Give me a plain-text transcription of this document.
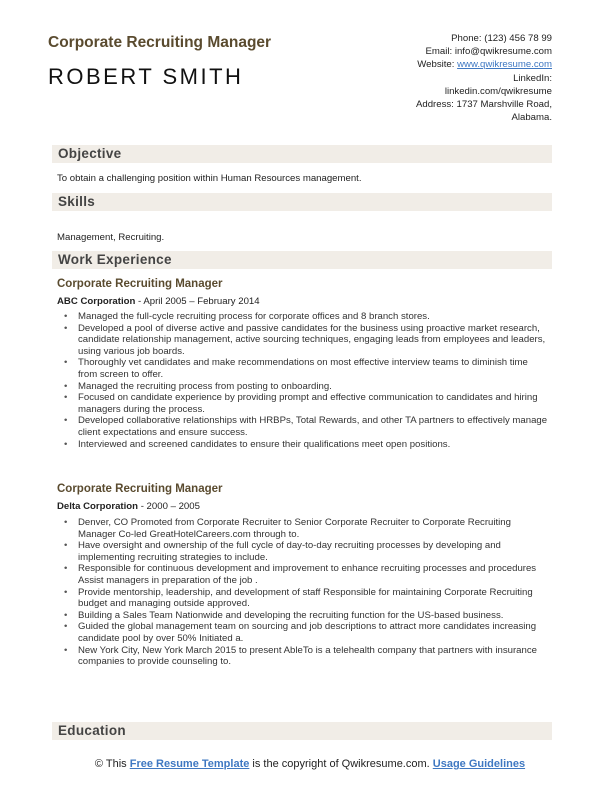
Corporate Recruiting Manager
ROBERT SMITH
Phone: (123) 456 78 99
Email: info@qwikresume.com
Website: www.qwikresume.com
LinkedIn:
linkedin.com/qwikresume
Address: 1737 Marshville Road,
Alabama.
Objective
To obtain a challenging position within Human Resources management.
Skills
Management, Recruiting.
Work Experience
Corporate Recruiting Manager
ABC Corporation - April 2005 – February 2014
• Managed the full-cycle recruiting process for corporate offices and 8 branch stores.
• Developed a pool of diverse active and passive candidates for the business using proactive market research, candidate relationship management, active sourcing techniques, engaging leads from employees and leaders, using various job boards.
• Thoroughly vet candidates and make recommendations on most effective interview teams to diminish time from screen to offer.
• Managed the recruiting process from posting to onboarding.
• Focused on candidate experience by providing prompt and effective communication to candidates and hiring managers during the process.
• Developed collaborative relationships with HRBPs, Total Rewards, and other TA partners to effectively manage client expectations and ensure success.
• Interviewed and screened candidates to ensure their qualifications meet open positions.
Corporate Recruiting Manager
Delta Corporation - 2000 – 2005
• Denver, CO Promoted from Corporate Recruiter to Senior Corporate Recruiter to Corporate Recruiting Manager Co-led GreatHotelCareers.com through to.
• Have oversight and ownership of the full cycle of day-to-day recruiting processes by developing and implementing recruiting strategies to include.
• Responsible for continuous development and improvement to enhance recruiting processes and procedures Assist managers in preparation of the job .
• Provide mentorship, leadership, and development of staff Responsible for maintaining Corporate Recruiting budget and managing outside approved.
• Building a Sales Team Nationwide and developing the recruiting function for the US-based business.
• Guided the global management team on sourcing and job descriptions to attract more candidates increasing candidate pool by over 50% Initiated a.
• New York City, New York March 2015 to present AbleTo is a telehealth company that partners with insurance companies to provide counseling to.
Education
© This Free Resume Template is the copyright of Qwikresume.com. Usage Guidelines
